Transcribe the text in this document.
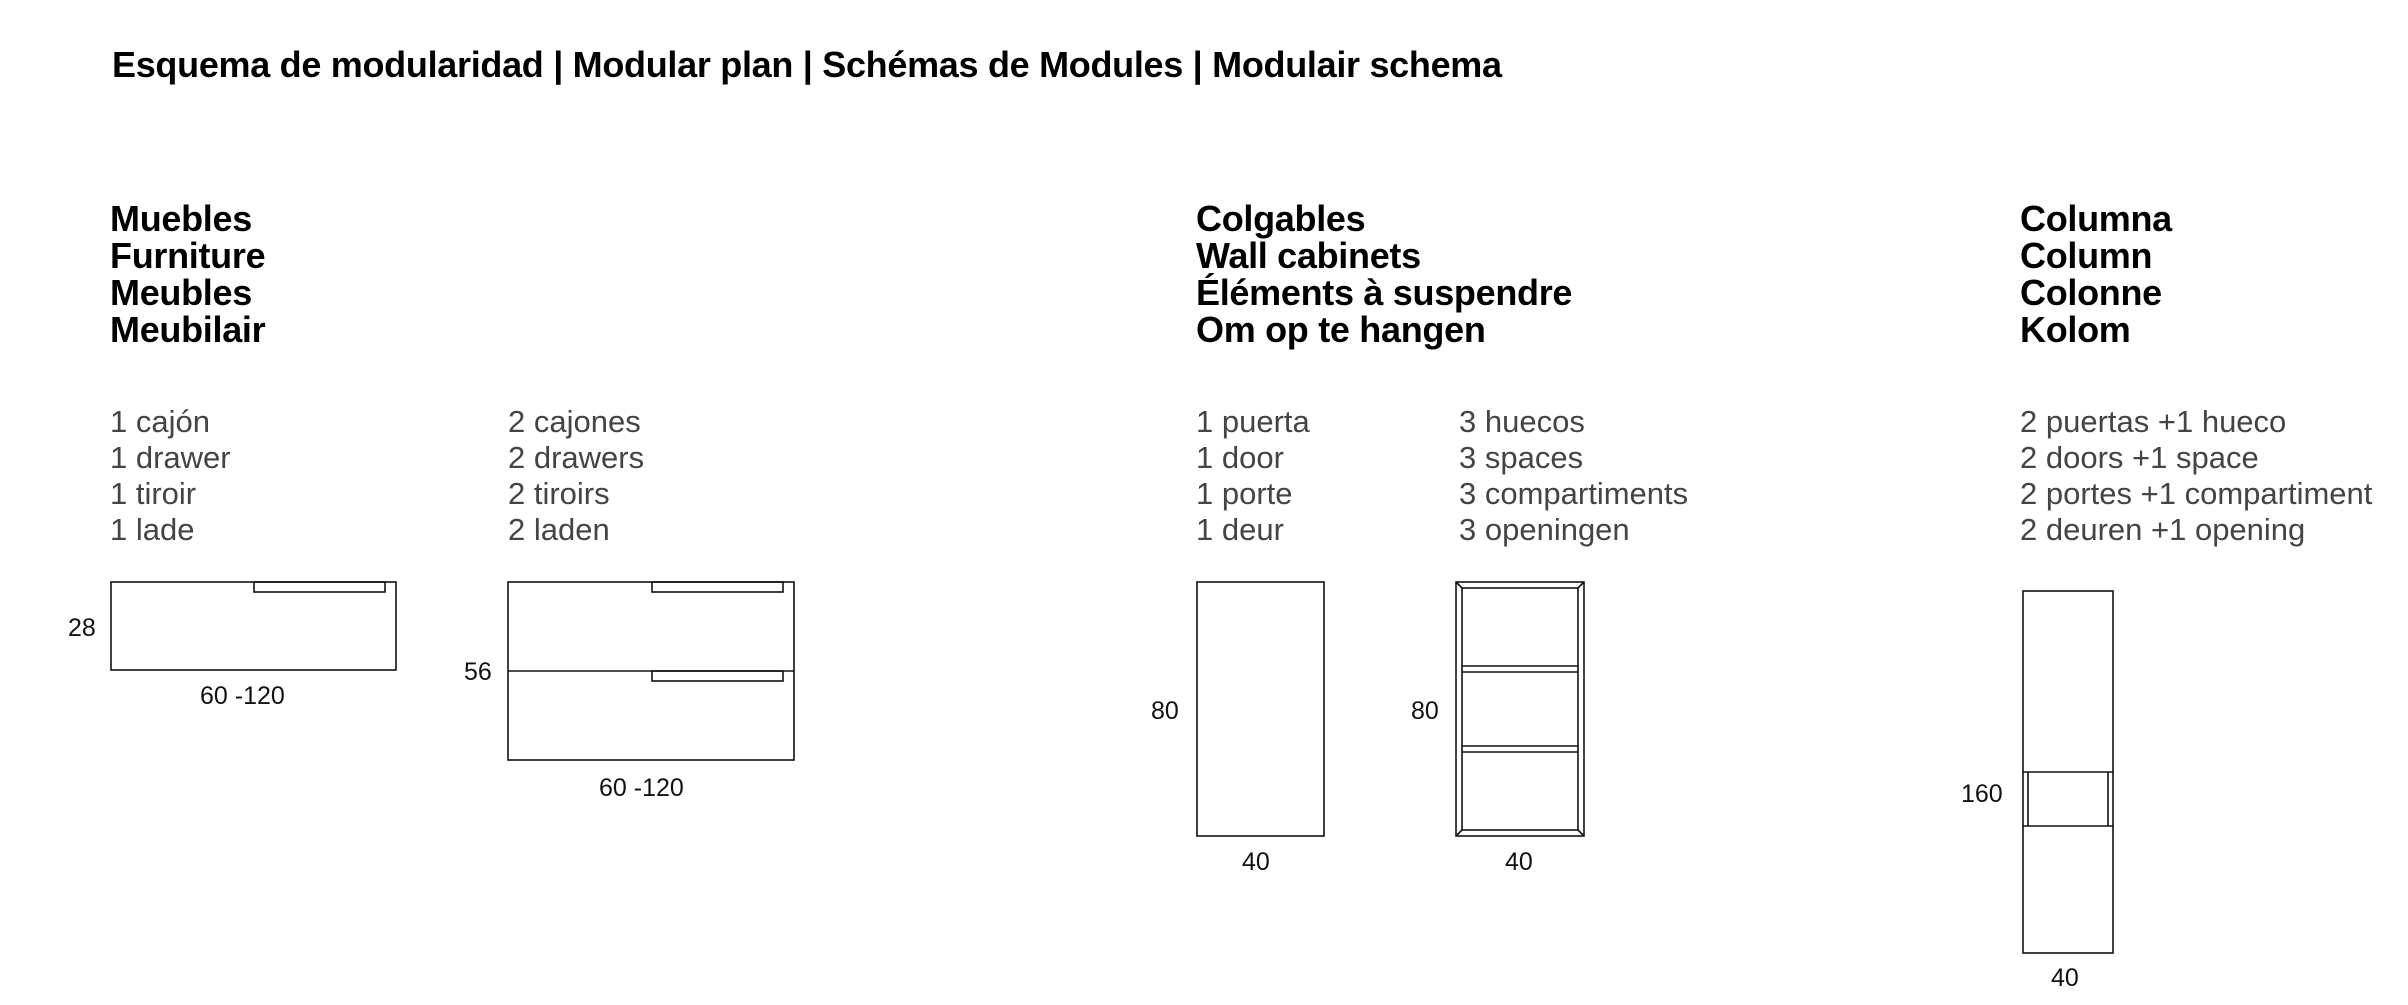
Esquema de modularidad | Modular plan | Schémas de Modules | Modulair schema
Muebles
Furniture
Meubles
Meubilair
1 cajón
1 drawer
1 tiroir
1 lade
2 cajones
2 drawers
2 tiroirs
2 laden
Colgables
Wall cabinets
Éléments à suspendre
Om op te hangen
1 puerta
1 door
1 porte
1 deur
3 huecos
3 spaces
3 compartiments
3 openingen
Columna
Column
Colonne
Kolom
2 puertas +1 hueco
2 doors +1 space
2 portes +1 compartiment
2 deuren +1 opening
28
60 -120
56
60 -120
80
40
80
40
160
40
